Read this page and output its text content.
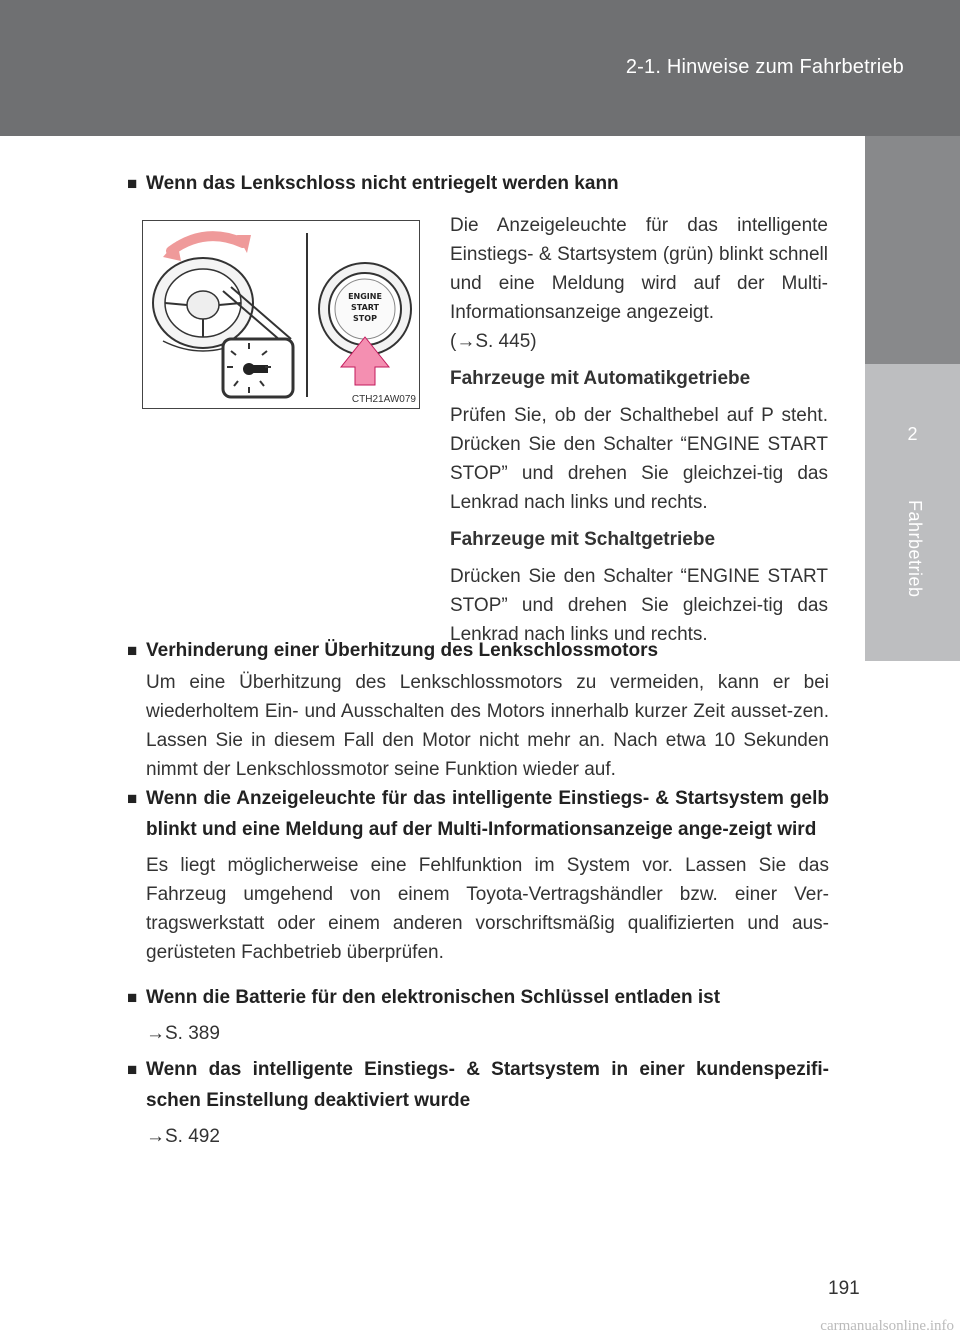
2-1. Hinweise zum Fahrbetrieb
2
Fahrbetrieb
■ Wenn das Lenkschloss nicht entriegelt werden kann
ENGINE
START
STOP
CTH21AW079

Die Anzeigeleuchte für das intelligente Einstiegs- & Startsystem (grün) blinkt schnell und eine Meldung wird auf der Multi-Informationsanzeige angezeigt.

(→S. 445)

Fahrzeuge mit Automatikgetriebe

Prüfen Sie, ob der Schalthebel auf P steht. Drücken Sie den Schalter “ENGINE START STOP” und drehen Sie gleichzei-tig das Lenkrad nach links und rechts.

Fahrzeuge mit Schaltgetriebe

Drücken Sie den Schalter “ENGINE START STOP” und drehen Sie gleichzei-tig das Lenkrad nach links und rechts.

■ Verhinderung einer Überhitzung des Lenkschlossmotors
Um eine Überhitzung des Lenkschlossmotors zu vermeiden, kann er bei wiederholtem Ein- und Ausschalten des Motors innerhalb kurzer Zeit ausset-zen. Lassen Sie in diesem Fall den Motor nicht mehr an. Nach etwa 10 Sekunden nimmt der Lenkschlossmotor seine Funktion wieder auf.
■ Wenn die Anzeigeleuchte für das intelligente Einstiegs- & Startsystem gelb blinkt und eine Meldung auf der Multi-Informationsanzeige ange-zeigt wird
Es liegt möglicherweise eine Fehlfunktion im System vor. Lassen Sie das Fahrzeug umgehend von einem Toyota-Vertragshändler bzw. einer Ver-tragswerkstatt oder einem anderen vorschriftsmäßig qualifizierten und aus-gerüsteten Fachbetrieb überprüfen.
■ Wenn die Batterie für den elektronischen Schlüssel entladen ist
→S. 389
■ Wenn das intelligente Einstiegs- & Startsystem in einer kundenspezifi-schen Einstellung deaktiviert wurde
→S. 492
191
carmanualsonline.info
